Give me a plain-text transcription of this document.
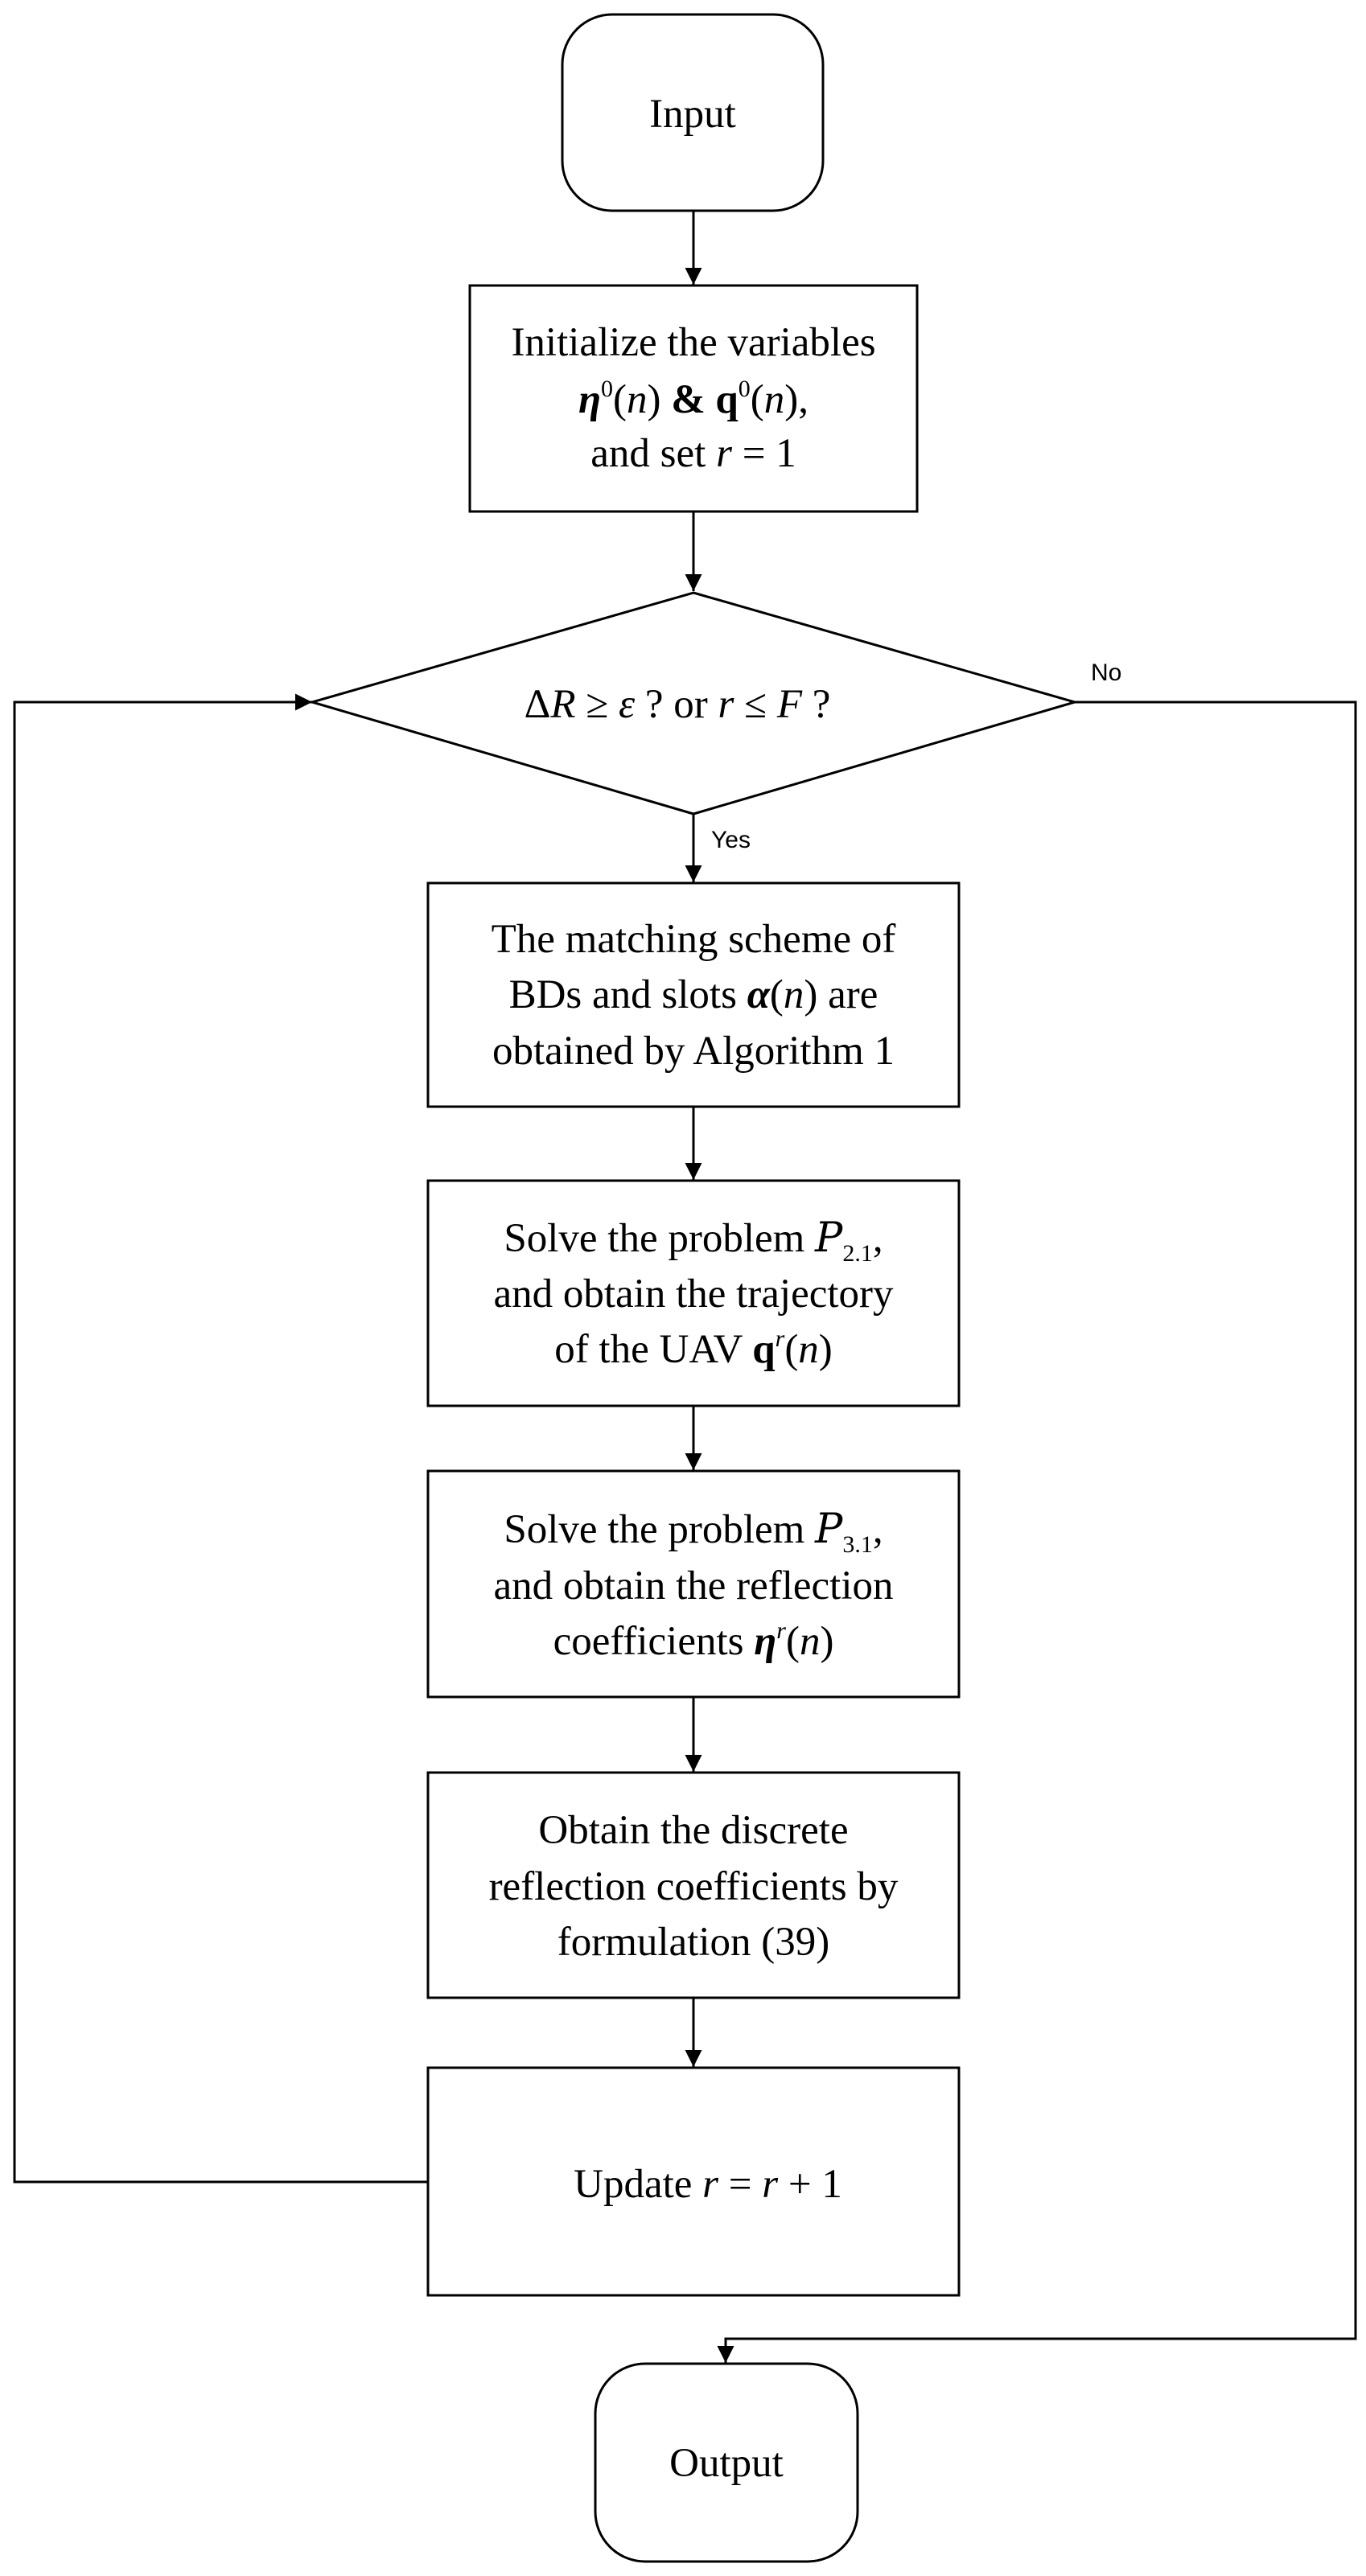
Yes
No
Input
Initialize the variables
$\eta^0(n)$ & $q^0(n)$,
and set r = 1
ΔR ≥ ε ? or r ≤ F ?
The matching scheme of
BDs and slots α(n) are
obtained by Algorithm 1
Solve the problem $P_{2.1}$,
and obtain the trajectory
of the UAV $q^r(n)$
Solve the problem $P_{3.1}$,
and obtain the reflection
coefficients $\eta^r(n)$
Obtain the discrete
reflection coefficients by
formulation (39)
Update r = r + 1
Output
